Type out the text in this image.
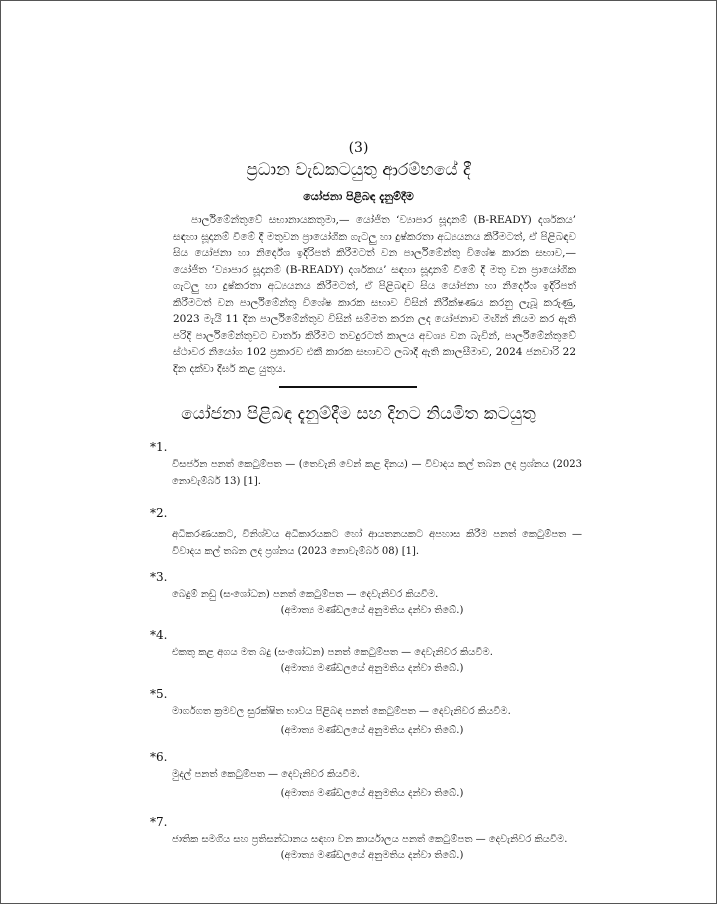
(3)
ප්‍රධාන වැඩකටයුතු ආරම්භයේ දී
යෝජනා පිළිබඳ දැනුම්දීම
පාර්ලිමේන්තුවේ සභානායකතුමා,— යෝජිත ‘ව්‍යාපාර සූදානම් (B-READY) දර්ශකය’ සඳහා සූදානම් වීමේ දී මතුවන ප්‍රායෝගික ගැටලු හා දුෂ්කරතා අධ්‍යයනය කිරීමටත්, ඒ පිළිබඳව සිය යෝජනා හා නිර්දේශ ඉදිරිපත් කිරීමටත් වන පාර්ලිමේන්තු විශේෂ කාරක සභාව,— යෝජිත ‘ව්‍යාපාර සූදානම් (B-READY) දර්ශකය’ සඳහා සූදානම් වීමේ දී මතු වන ප්‍රායෝගික ගැටලු හා දුෂ්කරතා අධ්‍යයනය කිරීමටත්, ඒ පිළිබඳව සිය යෝජනා හා නිර්දේශ ඉදිරිපත් කිරීමටත් වන පාර්ලිමේන්තු විශේෂ කාරක සභාව විසින් නිරීක්ෂණය කරනු ලැබූ කරුණු, 2023 මැයි 11 දින පාර්ලිමේන්තුව විසින් සම්මත කරන ලද යෝජනාව මඟින් නියම කර ඇති පරිදි පාර්ලිමේන්තුවට වාර්තා කිරීමට තවදුරටත් කාලය අවශ්‍ය වන බැවින්, පාර්ලිමේන්තුවේ ස්ථාවර නියෝග 102 ප්‍රකාරව එකී කාරක සභාවට ලබාදී ඇති කාලසීමාව, 2024 ජනවාරි 22 දින දක්වා දීර්ඝ කළ යුතුය.
යෝජනා පිළිබඳ දැනුම්දීම සහ දිනට නියමිත කටයුතු
*1.
විසර්ජන පනත් කෙටුම්පත — (තෙවැනි වෙන් කළ දිනය) — විවාදය කල් තබන ලද ප්‍රශ්නය (2023 නොවැම්බර් 13) [1].
*2.
අධිකරණයකට, විනිශ්චය අධිකාරයකට හෝ ආයතනයකට අපහාස කිරීම පනත් කෙටුම්පත — විවාදය කල් තබන ලද ප්‍රශ්නය (2023 නොවැම්බර් 08) [1].
*3.
බෙදුම් නඩු (සංශෝධන) පනත් කෙටුම්පත — දෙවැනිවර කියවීම.
(අමාත්‍ය මණ්ඩලයේ අනුමතිය දන්වා තිබේ.)
*4.
එකතු කළ අගය මත බදු (සංශෝධන) පනත් කෙටුම්පත — දෙවැනිවර කියවීම.
(අමාත්‍ය මණ්ඩලයේ අනුමතිය දන්වා තිබේ.)
*5.
මාර්ගගත ක්‍රමවල සුරක්ෂිත භාවය පිළිබඳ පනත් කෙටුම්පත — දෙවැනිවර කියවීම.
(අමාත්‍ය මණ්ඩලයේ අනුමතිය දන්වා තිබේ.)
*6.
මුදල් පනත් කෙටුම්පත — දෙවැනිවර කියවීම.
(අමාත්‍ය මණ්ඩලයේ අනුමතිය දන්වා තිබේ.)
*7.
ජාතික සමගිය සහ ප්‍රතිසන්ධානය සඳහා වන කාර්යාලය පනත් කෙටුම්පත — දෙවැනිවර කියවීම.
(අමාත්‍ය මණ්ඩලයේ අනුමතිය දන්වා තිබේ.)
